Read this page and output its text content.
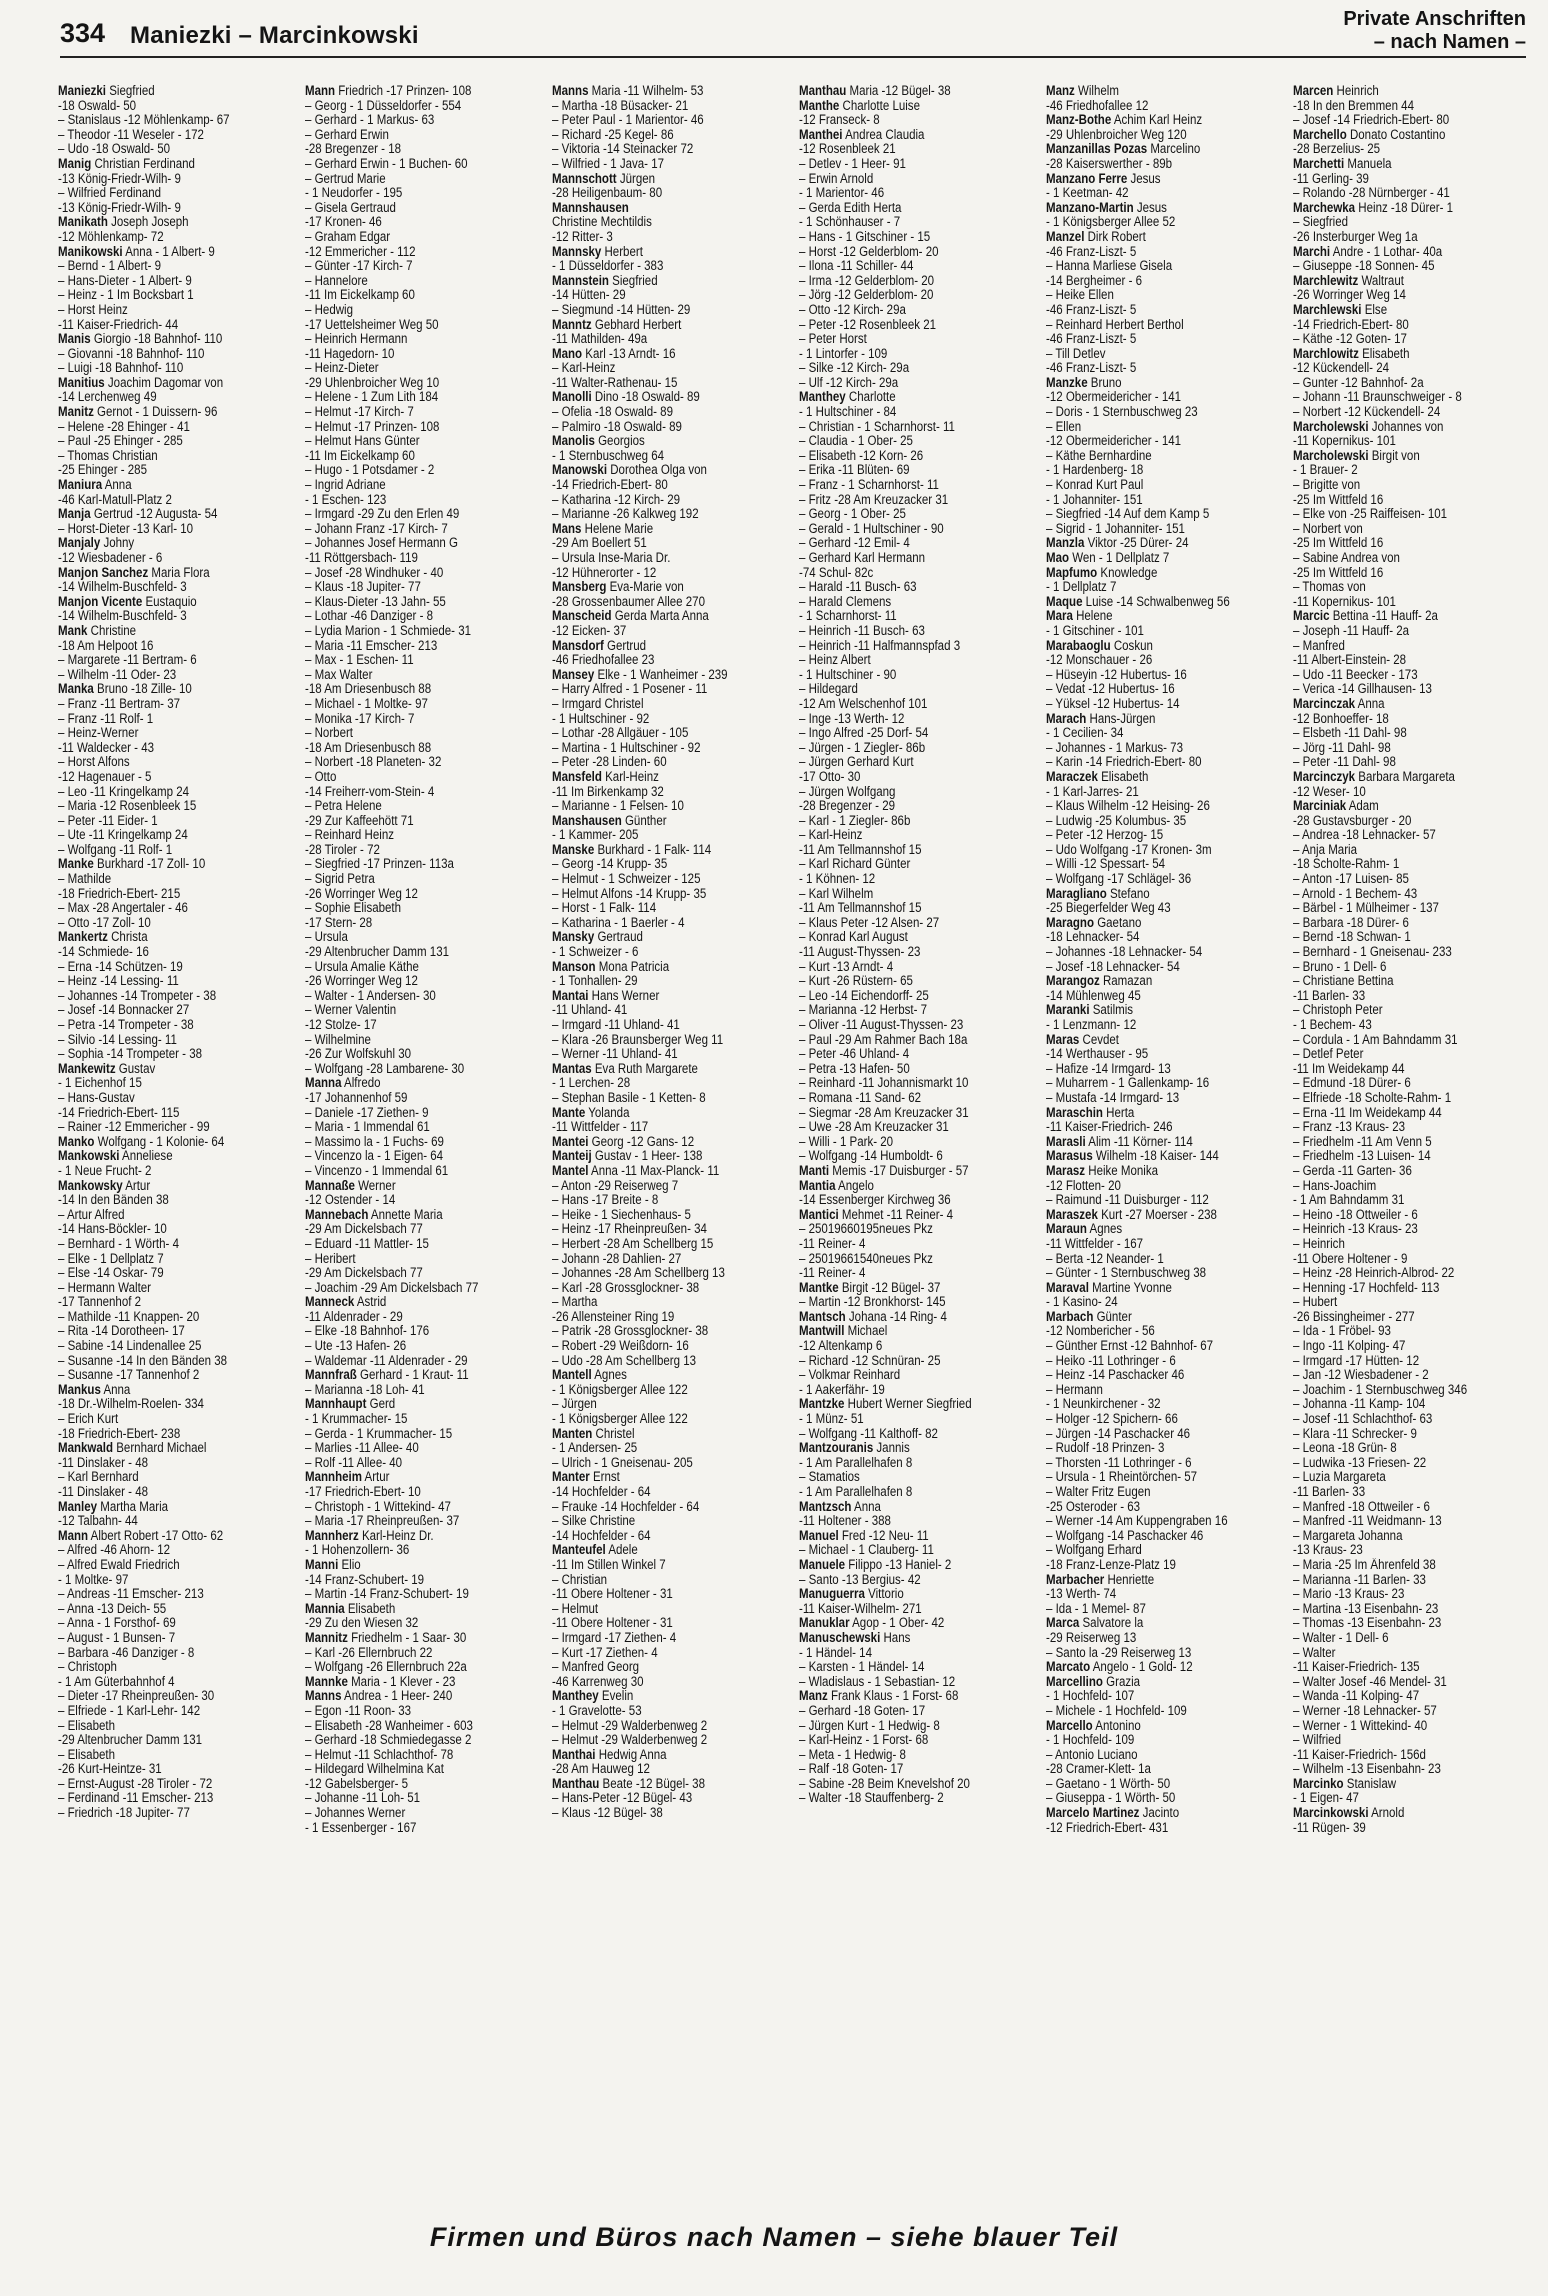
334 Maniezki – Marcinkowski
Private Anschriften
– nach Namen –
Maniezki Siegfried
-18 Oswald- 50
– Stanislaus -12 Möhlenkamp- 67
– Theodor -11 Weseler - 172
– Udo -18 Oswald- 50
Manig Christian Ferdinand
-13 König-Friedr-Wilh- 9
– Wilfried Ferdinand
-13 König-Friedr-Wilh- 9
Manikath Joseph Joseph
-12 Möhlenkamp- 72
Manikowski Anna - 1 Albert- 9
– Bernd - 1 Albert- 9
– Hans-Dieter - 1 Albert- 9
– Heinz - 1 Im Bocksbart 1
– Horst Heinz
-11 Kaiser-Friedrich- 44
Manis Giorgio -18 Bahnhof- 110
– Giovanni -18 Bahnhof- 110
– Luigi -18 Bahnhof- 110
Manitius Joachim Dagomar von
-14 Lerchenweg 49
Manitz Gernot - 1 Duissern- 96
– Helene -28 Ehinger - 41
– Paul -25 Ehinger - 285
– Thomas Christian
-25 Ehinger - 285
Maniura Anna
-46 Karl-Matull-Platz 2
Manja Gertrud -12 Augusta- 54
– Horst-Dieter -13 Karl- 10
Manjaly Johny
-12 Wiesbadener - 6
Manjon Sanchez Maria Flora
-14 Wilhelm-Buschfeld- 3
Manjon Vicente Eustaquio
-14 Wilhelm-Buschfeld- 3
Mank Christine
-18 Am Helpoot 16
– Margarete -11 Bertram- 6
– Wilhelm -11 Oder- 23
Manka Bruno -18 Zille- 10
– Franz -11 Bertram- 37
– Franz -11 Rolf- 1
– Heinz-Werner
-11 Waldecker - 43
– Horst Alfons
-12 Hagenauer - 5
– Leo -11 Kringelkamp 24
– Maria -12 Rosenbleek 15
– Peter -11 Eider- 1
– Ute -11 Kringelkamp 24
– Wolfgang -11 Rolf- 1
Manke Burkhard -17 Zoll- 10
– Mathilde
-18 Friedrich-Ebert- 215
– Max -28 Angertaler - 46
– Otto -17 Zoll- 10
Mankertz Christa
-14 Schmiede- 16
– Erna -14 Schützen- 19
– Heinz -14 Lessing- 11
– Johannes -14 Trompeter - 38
– Josef -14 Bonnacker 27
– Petra -14 Trompeter - 38
– Silvio -14 Lessing- 11
– Sophia -14 Trompeter - 38
Mankewitz Gustav
- 1 Eichenhof 15
– Hans-Gustav
-14 Friedrich-Ebert- 115
– Rainer -12 Emmericher - 99
Manko Wolfgang - 1 Kolonie- 64
Mankowski Anneliese
- 1 Neue Frucht- 2
Mankowsky Artur
-14 In den Bänden 38
– Artur Alfred
-14 Hans-Böckler- 10
– Bernhard - 1 Wörth- 4
– Elke - 1 Dellplatz 7
– Else -14 Oskar- 79
– Hermann Walter
-17 Tannenhof 2
– Mathilde -11 Knappen- 20
– Rita -14 Dorotheen- 17
– Sabine -14 Lindenallee 25
– Susanne -14 In den Bänden 38
– Susanne -17 Tannenhof 2
Mankus Anna
-18 Dr.-Wilhelm-Roelen- 334
– Erich Kurt
-18 Friedrich-Ebert- 238
Mankwald Bernhard Michael
-11 Dinslaker - 48
– Karl Bernhard
-11 Dinslaker - 48
Manley Martha Maria
-12 Talbahn- 44
Mann Albert Robert -17 Otto- 62
– Alfred -46 Ahorn- 12
– Alfred Ewald Friedrich
- 1 Moltke- 97
– Andreas -11 Emscher- 213
– Anna -13 Deich- 55
– Anna - 1 Forsthof- 69
– August - 1 Bunsen- 7
– Barbara -46 Danziger - 8
– Christoph
- 1 Am Güterbahnhof 4
– Dieter -17 Rheinpreußen- 30
– Elfriede - 1 Karl-Lehr- 142
– Elisabeth
-29 Altenbrucher Damm 131
– Elisabeth
-26 Kurt-Heintze- 31
– Ernst-August -28 Tiroler - 72
– Ferdinand -11 Emscher- 213
– Friedrich -18 Jupiter- 77
Mann Friedrich -17 Prinzen- 108
– Georg - 1 Düsseldorfer - 554
– Gerhard - 1 Markus- 63
– Gerhard Erwin
-28 Bregenzer - 18
– Gerhard Erwin - 1 Buchen- 60
– Gertrud Marie
- 1 Neudorfer - 195
– Gisela Gertraud
-17 Kronen- 46
– Graham Edgar
-12 Emmericher - 112
– Günter -17 Kirch- 7
– Hannelore
-11 Im Eickelkamp 60
– Hedwig
-17 Uettelsheimer Weg 50
– Heinrich Hermann
-11 Hagedorn- 10
– Heinz-Dieter
-29 Uhlenbroicher Weg 10
– Helene - 1 Zum Lith 184
– Helmut -17 Kirch- 7
– Helmut -17 Prinzen- 108
– Helmut Hans Günter
-11 Im Eickelkamp 60
– Hugo - 1 Potsdamer - 2
– Ingrid Adriane
- 1 Eschen- 123
– Irmgard -29 Zu den Erlen 49
– Johann Franz -17 Kirch- 7
– Johannes Josef Hermann G
-11 Röttgersbach- 119
– Josef -28 Windhuker - 40
– Klaus -18 Jupiter- 77
– Klaus-Dieter -13 Jahn- 55
– Lothar -46 Danziger - 8
– Lydia Marion - 1 Schmiede- 31
– Maria -11 Emscher- 213
– Max - 1 Eschen- 11
– Max Walter
-18 Am Driesenbusch 88
– Michael - 1 Moltke- 97
– Monika -17 Kirch- 7
– Norbert
-18 Am Driesenbusch 88
– Norbert -18 Planeten- 32
– Otto
-14 Freiherr-vom-Stein- 4
– Petra Helene
-29 Zur Kaffeehött 71
– Reinhard Heinz
-28 Tiroler - 72
– Siegfried -17 Prinzen- 113a
– Sigrid Petra
-26 Worringer Weg 12
– Sophie Elisabeth
-17 Stern- 28
– Ursula
-29 Altenbrucher Damm 131
– Ursula Amalie Käthe
-26 Worringer Weg 12
– Walter - 1 Andersen- 30
– Werner Valentin
-12 Stolze- 17
– Wilhelmine
-26 Zur Wolfskuhl 30
– Wolfgang -28 Lambarene- 30
Manna Alfredo
-17 Johannenhof 59
– Daniele -17 Ziethen- 9
– Maria - 1 Immendal 61
– Massimo la - 1 Fuchs- 69
– Vincenzo la - 1 Eigen- 64
– Vincenzo - 1 Immendal 61
Mannaße Werner
-12 Ostender - 14
Mannebach Annette Maria
-29 Am Dickelsbach 77
– Eduard -11 Mattler- 15
– Heribert
-29 Am Dickelsbach 77
– Joachim -29 Am Dickelsbach 77
Manneck Astrid
-11 Aldenrader - 29
– Elke -18 Bahnhof- 176
– Ute -13 Hafen- 26
– Waldemar -11 Aldenrader - 29
Mannfraß Gerhard - 1 Kraut- 11
– Marianna -18 Loh- 41
Mannhaupt Gerd
- 1 Krummacher- 15
– Gerda - 1 Krummacher- 15
– Marlies -11 Allee- 40
– Rolf -11 Allee- 40
Mannheim Artur
-17 Friedrich-Ebert- 10
– Christoph - 1 Wittekind- 47
– Maria -17 Rheinpreußen- 37
Mannherz Karl-Heinz Dr.
- 1 Hohenzollern- 36
Manni Elio
-14 Franz-Schubert- 19
– Martin -14 Franz-Schubert- 19
Mannia Elisabeth
-29 Zu den Wiesen 32
Mannitz Friedhelm - 1 Saar- 30
– Karl -26 Ellernbruch 22
– Wolfgang -26 Ellernbruch 22a
Mannke Maria - 1 Klever - 23
Manns Andrea - 1 Heer- 240
– Egon -11 Roon- 33
– Elisabeth -28 Wanheimer - 603
– Gerhard -18 Schmiedegasse 2
– Helmut -11 Schlachthof- 78
– Hildegard Wilhelmina Kat
-12 Gabelsberger- 5
– Johanne -11 Loh- 51
– Johannes Werner
- 1 Essenberger - 167
Manns Maria -11 Wilhelm- 53
– Martha -18 Büsacker- 21
– Peter Paul - 1 Marientor- 46
– Richard -25 Kegel- 86
– Viktoria -14 Steinacker 72
– Wilfried - 1 Java- 17
Mannschott Jürgen
-28 Heiligenbaum- 80
Mannshausen
Christine Mechtildis
-12 Ritter- 3
Mannsky Herbert
- 1 Düsseldorfer - 383
Mannstein Siegfried
-14 Hütten- 29
– Siegmund -14 Hütten- 29
Manntz Gebhard Herbert
-11 Mathilden- 49a
Mano Karl -13 Arndt- 16
– Karl-Heinz
-11 Walter-Rathenau- 15
Manolli Dino -18 Oswald- 89
– Ofelia -18 Oswald- 89
– Palmiro -18 Oswald- 89
Manolis Georgios
- 1 Sternbuschweg 64
Manowski Dorothea Olga von
-14 Friedrich-Ebert- 80
– Katharina -12 Kirch- 29
– Marianne -26 Kalkweg 192
Mans Helene Marie
-29 Am Boellert 51
– Ursula Inse-Maria Dr.
-12 Hühnerorter - 12
Mansberg Eva-Marie von
-28 Grossenbaumer Allee 270
Manscheid Gerda Marta Anna
-12 Eicken- 37
Mansdorf Gertrud
-46 Friedhofallee 23
Mansey Elke - 1 Wanheimer - 239
– Harry Alfred - 1 Posener - 11
– Irmgard Christel
- 1 Hultschiner - 92
– Lothar -28 Allgäuer - 105
– Martina - 1 Hultschiner - 92
– Peter -28 Linden- 60
Mansfeld Karl-Heinz
-11 Im Birkenkamp 32
– Marianne - 1 Felsen- 10
Manshausen Günther
- 1 Kammer- 205
Manske Burkhard - 1 Falk- 114
– Georg -14 Krupp- 35
– Helmut - 1 Schweizer - 125
– Helmut Alfons -14 Krupp- 35
– Horst - 1 Falk- 114
– Katharina - 1 Baerler - 4
Mansky Gertraud
- 1 Schweizer - 6
Manson Mona Patricia
- 1 Tonhallen- 29
Mantai Hans Werner
-11 Uhland- 41
– Irmgard -11 Uhland- 41
– Klara -26 Braunsberger Weg 11
– Werner -11 Uhland- 41
Mantas Eva Ruth Margarete
- 1 Lerchen- 28
– Stephan Basile - 1 Ketten- 8
Mante Yolanda
-11 Wittfelder - 117
Mantei Georg -12 Gans- 12
Manteij Gustav - 1 Heer- 138
Mantel Anna -11 Max-Planck- 11
– Anton -29 Reiserweg 7
– Hans -17 Breite - 8
– Heike - 1 Siechenhaus- 5
– Heinz -17 Rheinpreußen- 34
– Herbert -28 Am Schellberg 15
– Johann -28 Dahlien- 27
– Johannes -28 Am Schellberg 13
– Karl -28 Grossglockner- 38
– Martha
-26 Allensteiner Ring 19
– Patrik -28 Grossglockner- 38
– Robert -29 Weißdorn- 16
– Udo -28 Am Schellberg 13
Mantell Agnes
- 1 Königsberger Allee 122
– Jürgen
- 1 Königsberger Allee 122
Manten Christel
- 1 Andersen- 25
– Ulrich - 1 Gneisenau- 205
Manter Ernst
-14 Hochfelder - 64
– Frauke -14 Hochfelder - 64
– Silke Christine
-14 Hochfelder - 64
Manteufel Adele
-11 Im Stillen Winkel 7
– Christian
-11 Obere Holtener - 31
– Helmut
-11 Obere Holtener - 31
– Irmgard -17 Ziethen- 4
– Kurt -17 Ziethen- 4
– Manfred Georg
-46 Karrenweg 30
Manthey Evelin
- 1 Gravelotte- 53
– Helmut -29 Walderbenweg 2
– Helmut -29 Walderbenweg 2
Manthai Hedwig Anna
-28 Am Hauweg 12
Manthau Beate -12 Bügel- 38
– Hans-Peter -12 Bügel- 43
– Klaus -12 Bügel- 38
Manthau Maria -12 Bügel- 38
Manthe Charlotte Luise
-12 Franseck- 8
Manthei Andrea Claudia
-12 Rosenbleek 21
– Detlev - 1 Heer- 91
– Erwin Arnold
- 1 Marientor- 46
– Gerda Edith Herta
- 1 Schönhauser - 7
– Hans - 1 Gitschiner - 15
– Horst -12 Gelderblom- 20
– Ilona -11 Schiller- 44
– Irma -12 Gelderblom- 20
– Jörg -12 Gelderblom- 20
– Otto -12 Kirch- 29a
– Peter -12 Rosenbleek 21
– Peter Horst
- 1 Lintorfer - 109
– Silke -12 Kirch- 29a
– Ulf -12 Kirch- 29a
Manthey Charlotte
- 1 Hultschiner - 84
– Christian - 1 Scharnhorst- 11
– Claudia - 1 Ober- 25
– Elisabeth -12 Korn- 26
– Erika -11 Blüten- 69
– Franz - 1 Scharnhorst- 11
– Fritz -28 Am Kreuzacker 31
– Georg - 1 Ober- 25
– Gerald - 1 Hultschiner - 90
– Gerhard -12 Emil- 4
– Gerhard Karl Hermann
-74 Schul- 82c
– Harald -11 Busch- 63
– Harald Clemens
- 1 Scharnhorst- 11
– Heinrich -11 Busch- 63
– Heinrich -11 Halfmannspfad 3
– Heinz Albert
- 1 Hultschiner - 90
– Hildegard
-12 Am Welschenhof 101
– Inge -13 Werth- 12
– Ingo Alfred -25 Dorf- 54
– Jürgen - 1 Ziegler- 86b
– Jürgen Gerhard Kurt
-17 Otto- 30
– Jürgen Wolfgang
-28 Bregenzer - 29
– Karl - 1 Ziegler- 86b
– Karl-Heinz
-11 Am Tellmannshof 15
– Karl Richard Günter
- 1 Köhnen- 12
– Karl Wilhelm
-11 Am Tellmannshof 15
– Klaus Peter -12 Alsen- 27
– Konrad Karl August
-11 August-Thyssen- 23
– Kurt -13 Arndt- 4
– Kurt -26 Rüstern- 65
– Leo -14 Eichendorff- 25
– Marianna -12 Herbst- 7
– Oliver -11 August-Thyssen- 23
– Paul -29 Am Rahmer Bach 18a
– Peter -46 Uhland- 4
– Petra -13 Hafen- 50
– Reinhard -11 Johannismarkt 10
– Romana -11 Sand- 62
– Siegmar -28 Am Kreuzacker 31
– Uwe -28 Am Kreuzacker 31
– Willi - 1 Park- 20
– Wolfgang -14 Humboldt- 6
Manti Memis -17 Duisburger - 57
Mantia Angelo
-14 Essenberger Kirchweg 36
Mantici Mehmet -11 Reiner- 4
– 25019660195neues Pkz
-11 Reiner- 4
– 25019661540neues Pkz
-11 Reiner- 4
Mantke Birgit -12 Bügel- 37
– Martin -12 Bronkhorst- 145
Mantsch Johana -14 Ring- 4
Mantwill Michael
-12 Altenkamp 6
– Richard -12 Schnüran- 25
– Volkmar Reinhard
- 1 Aakerfähr- 19
Mantzke Hubert Werner Siegfried
- 1 Münz- 51
– Wolfgang -11 Kalthoff- 82
Mantzouranis Jannis
- 1 Am Parallelhafen 8
– Stamatios
- 1 Am Parallelhafen 8
Mantzsch Anna
-11 Holtener - 388
Manuel Fred -12 Neu- 11
– Michael - 1 Clauberg- 11
Manuele Filippo -13 Haniel- 2
– Santo -13 Bergius- 42
Manuguerra Vittorio
-11 Kaiser-Wilhelm- 271
Manuklar Agop - 1 Ober- 42
Manuschewski Hans
- 1 Händel- 14
– Karsten - 1 Händel- 14
– Wladislaus - 1 Sebastian- 12
Manz Frank Klaus - 1 Forst- 68
– Gerhard -18 Goten- 17
– Jürgen Kurt - 1 Hedwig- 8
– Karl-Heinz - 1 Forst- 68
– Meta - 1 Hedwig- 8
– Ralf -18 Goten- 17
– Sabine -28 Beim Knevelshof 20
– Walter -18 Stauffenberg- 2
Manz Wilhelm
-46 Friedhofallee 12
Manz-Bothe Achim Karl Heinz
-29 Uhlenbroicher Weg 120
Manzanillas Pozas Marcelino
-28 Kaiserswerther - 89b
Manzano Ferre Jesus
- 1 Keetman- 42
Manzano-Martin Jesus
- 1 Königsberger Allee 52
Manzel Dirk Robert
-46 Franz-Liszt- 5
– Hanna Marliese Gisela
-14 Bergheimer - 6
– Heike Ellen
-46 Franz-Liszt- 5
– Reinhard Herbert Berthol
-46 Franz-Liszt- 5
– Till Detlev
-46 Franz-Liszt- 5
Manzke Bruno
-12 Obermeidericher - 141
– Doris - 1 Sternbuschweg 23
– Ellen
-12 Obermeidericher - 141
– Käthe Bernhardine
- 1 Hardenberg- 18
– Konrad Kurt Paul
- 1 Johanniter- 151
– Siegfried -14 Auf dem Kamp 5
– Sigrid - 1 Johanniter- 151
Manzla Viktor -25 Dürer- 24
Mao Wen - 1 Dellplatz 7
Mapfumo Knowledge
- 1 Dellplatz 7
Maque Luise -14 Schwalbenweg 56
Mara Helene
- 1 Gitschiner - 101
Marabaoglu Coskun
-12 Monschauer - 26
– Hüseyin -12 Hubertus- 16
– Vedat -12 Hubertus- 16
– Yüksel -12 Hubertus- 14
Marach Hans-Jürgen
- 1 Cecilien- 34
– Johannes - 1 Markus- 73
– Karin -14 Friedrich-Ebert- 80
Maraczek Elisabeth
- 1 Karl-Jarres- 21
– Klaus Wilhelm -12 Heising- 26
– Ludwig -25 Kolumbus- 35
– Peter -12 Herzog- 15
– Udo Wolfgang -17 Kronen- 3m
– Willi -12 Spessart- 54
– Wolfgang -17 Schlägel- 36
Maragliano Stefano
-25 Biegerfelder Weg 43
Maragno Gaetano
-18 Lehnacker- 54
– Johannes -18 Lehnacker- 54
– Josef -18 Lehnacker- 54
Marangoz Ramazan
-14 Mühlenweg 45
Maranki Satilmis
- 1 Lenzmann- 12
Maras Cevdet
-14 Werthauser - 95
– Hafize -14 Irmgard- 13
– Muharrem - 1 Gallenkamp- 16
– Mustafa -14 Irmgard- 13
Maraschin Herta
-11 Kaiser-Friedrich- 246
Marasli Alim -11 Körner- 114
Marasus Wilhelm -18 Kaiser- 144
Marasz Heike Monika
-12 Flotten- 20
– Raimund -11 Duisburger - 112
Maraszek Kurt -27 Moerser - 238
Maraun Agnes
-11 Wittfelder - 167
– Berta -12 Neander- 1
– Günter - 1 Sternbuschweg 38
Maraval Martine Yvonne
- 1 Kasino- 24
Marbach Günter
-12 Nombericher - 56
– Günther Ernst -12 Bahnhof- 67
– Heiko -11 Lothringer - 6
– Heinz -14 Paschacker 46
– Hermann
- 1 Neunkirchener - 32
– Holger -12 Spichern- 66
– Jürgen -14 Paschacker 46
– Rudolf -18 Prinzen- 3
– Thorsten -11 Lothringer - 6
– Ursula - 1 Rheintörchen- 57
– Walter Fritz Eugen
-25 Osteroder - 63
– Werner -14 Am Kuppengraben 16
– Wolfgang -14 Paschacker 46
– Wolfgang Erhard
-18 Franz-Lenze-Platz 19
Marbacher Henriette
-13 Werth- 74
– Ida - 1 Memel- 87
Marca Salvatore la
-29 Reiserweg 13
– Santo la -29 Reiserweg 13
Marcato Angelo - 1 Gold- 12
Marcellino Grazia
- 1 Hochfeld- 107
– Michele - 1 Hochfeld- 109
Marcello Antonino
- 1 Hochfeld- 109
– Antonio Luciano
-28 Cramer-Klett- 1a
– Gaetano - 1 Wörth- 50
– Giuseppa - 1 Wörth- 50
Marcelo Martinez Jacinto
-12 Friedrich-Ebert- 431
Marcen Heinrich
-18 In den Bremmen 44
– Josef -14 Friedrich-Ebert- 80
Marchello Donato Costantino
-28 Berzelius- 25
Marchetti Manuela
-11 Gerling- 39
– Rolando -28 Nürnberger - 41
Marchewka Heinz -18 Dürer- 1
– Siegfried
-26 Insterburger Weg 1a
Marchi Andre - 1 Lothar- 40a
– Giuseppe -18 Sonnen- 45
Marchlewitz Waltraut
-26 Worringer Weg 14
Marchlewski Else
-14 Friedrich-Ebert- 80
– Käthe -12 Goten- 17
Marchlowitz Elisabeth
-12 Kückendell- 24
– Gunter -12 Bahnhof- 2a
– Johann -11 Braunschweiger - 8
– Norbert -12 Kückendell- 24
Marcholewski Johannes von
-11 Kopernikus- 101
Marcholewski Birgit von
- 1 Brauer- 2
– Brigitte von
-25 Im Wittfeld 16
– Elke von -25 Raiffeisen- 101
– Norbert von
-25 Im Wittfeld 16
– Sabine Andrea von
-25 Im Wittfeld 16
– Thomas von
-11 Kopernikus- 101
Marcic Bettina -11 Hauff- 2a
– Joseph -11 Hauff- 2a
– Manfred
-11 Albert-Einstein- 28
– Udo -11 Beecker - 173
– Verica -14 Gillhausen- 13
Marcinczak Anna
-12 Bonhoeffer- 18
– Elsbeth -11 Dahl- 98
– Jörg -11 Dahl- 98
– Peter -11 Dahl- 98
Marcinczyk Barbara Margareta
-12 Weser- 10
Marciniak Adam
-28 Gustavsburger - 20
– Andrea -18 Lehnacker- 57
– Anja Maria
-18 Scholte-Rahm- 1
– Anton -17 Luisen- 85
– Arnold - 1 Bechem- 43
– Bärbel - 1 Mülheimer - 137
– Barbara -18 Dürer- 6
– Bernd -18 Schwan- 1
– Bernhard - 1 Gneisenau- 233
– Bruno - 1 Dell- 6
– Christiane Bettina
-11 Barlen- 33
– Christoph Peter
- 1 Bechem- 43
– Cordula - 1 Am Bahndamm 31
– Detlef Peter
-11 Im Weidekamp 44
– Edmund -18 Dürer- 6
– Elfriede -18 Scholte-Rahm- 1
– Erna -11 Im Weidekamp 44
– Franz -13 Kraus- 23
– Friedhelm -11 Am Venn 5
– Friedhelm -13 Luisen- 14
– Gerda -11 Garten- 36
– Hans-Joachim
- 1 Am Bahndamm 31
– Heino -18 Ottweiler - 6
– Heinrich -13 Kraus- 23
– Heinrich
-11 Obere Holtener - 9
– Heinz -28 Heinrich-Albrod- 22
– Henning -17 Hochfeld- 113
– Hubert
-26 Bissingheimer - 277
– Ida - 1 Fröbel- 93
– Ingo -11 Kolping- 47
– Irmgard -17 Hütten- 12
– Jan -12 Wiesbadener - 2
– Joachim - 1 Sternbuschweg 346
– Johanna -11 Kamp- 104
– Josef -11 Schlachthof- 63
– Klara -11 Schrecker- 9
– Leona -18 Grün- 8
– Ludwika -13 Friesen- 22
– Luzia Margareta
-11 Barlen- 33
– Manfred -18 Ottweiler - 6
– Manfred -11 Weidmann- 13
– Margareta Johanna
-13 Kraus- 23
– Maria -25 Im Ährenfeld 38
– Marianna -11 Barlen- 33
– Mario -13 Kraus- 23
– Martina -13 Eisenbahn- 23
– Thomas -13 Eisenbahn- 23
– Walter - 1 Dell- 6
– Walter
-11 Kaiser-Friedrich- 135
– Walter Josef -46 Mendel- 31
– Wanda -11 Kolping- 47
– Werner -18 Lehnacker- 57
– Werner - 1 Wittekind- 40
– Wilfried
-11 Kaiser-Friedrich- 156d
– Wilhelm -13 Eisenbahn- 23
Marcinko Stanislaw
- 1 Eigen- 47
Marcinkowski Arnold
-11 Rügen- 39
Firmen und Büros nach Namen – siehe blauer Teil
